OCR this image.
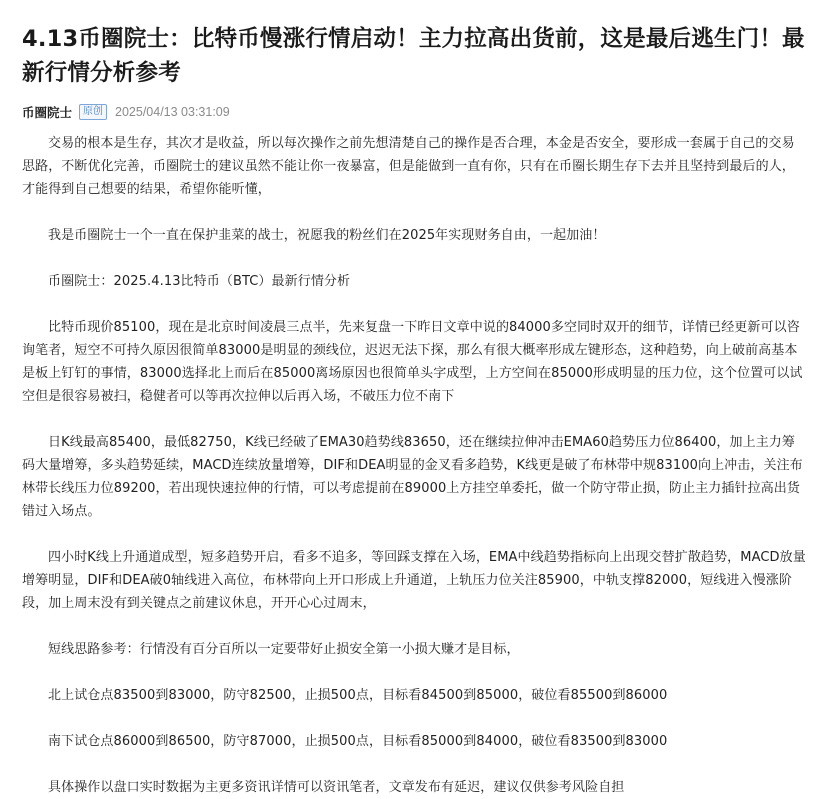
4.13币圈院士：比特币慢涨行情启动！主力拉高出货前，这是最后逃生门！最新行情分析参考
币圈院士	原创 2025/04/13 03:31:09

交易的根本是生存，其次才是收益，所以每次操作之前先想清楚自己的操作是否合理，本金是否安全，要形成一套属于自己的交易思路，不断优化完善，币圈院士的建议虽然不能让你一夜暴富，但是能做到一直有你，只有在币圈长期生存下去并且坚持到最后的人，才能得到自己想要的结果，希望你能听懂，

我是币圈院士一个一直在保护韭菜的战士，祝愿我的粉丝们在2025年实现财务自由，一起加油！

币圈院士：2025.4.13比特币（BTC）最新行情分析

比特币现价85100，现在是北京时间凌晨三点半，先来复盘一下昨日文章中说的84000多空同时双开的细节，详情已经更新可以咨询笔者，短空不可持久原因很简单83000是明显的颈线位，迟迟无法下探，那么有很大概率形成左键形态，这种趋势，向上破前高基本是板上钉钉的事情，83000选择北上而后在85000离场原因也很简单头字成型，上方空间在85000形成明显的压力位，这个位置可以试空但是很容易被扫，稳健者可以等再次拉伸以后再入场，不破压力位不南下

日K线最高85400，最低82750，K线已经破了EMA30趋势线83650，还在继续拉伸冲击EMA60趋势压力位86400，加上主力筹码大量增筹，多头趋势延续，MACD连续放量增筹，DIF和DEA明显的金叉看多趋势，K线更是破了布林带中规83100向上冲击，关注布林带长线压力位89200，若出现快速拉伸的行情，可以考虑提前在89000上方挂空单委托，做一个防守带止损，防止主力插针拉高出货错过入场点。

四小时K线上升通道成型，短多趋势开启，看多不追多，等回踩支撑在入场，EMA中线趋势指标向上出现交替扩散趋势，MACD放量增筹明显，DIF和DEA破0轴线进入高位，布林带向上开口形成上升通道，上轨压力位关注85900，中轨支撑82000，短线进入慢涨阶段，加上周末没有到关键点之前建议休息，开开心心过周末，

短线思路参考：行情没有百分百所以一定要带好止损安全第一小损大赚才是目标，

北上试仓点83500到83000，防守82500，止损500点，目标看84500到85000，破位看85500到86000

南下试仓点86000到86500，防守87000，止损500点，目标看85000到84000，破位看83500到83000

具体操作以盘口实时数据为主更多资讯详情可以资讯笔者，文章发布有延迟，建议仅供参考风险自担
